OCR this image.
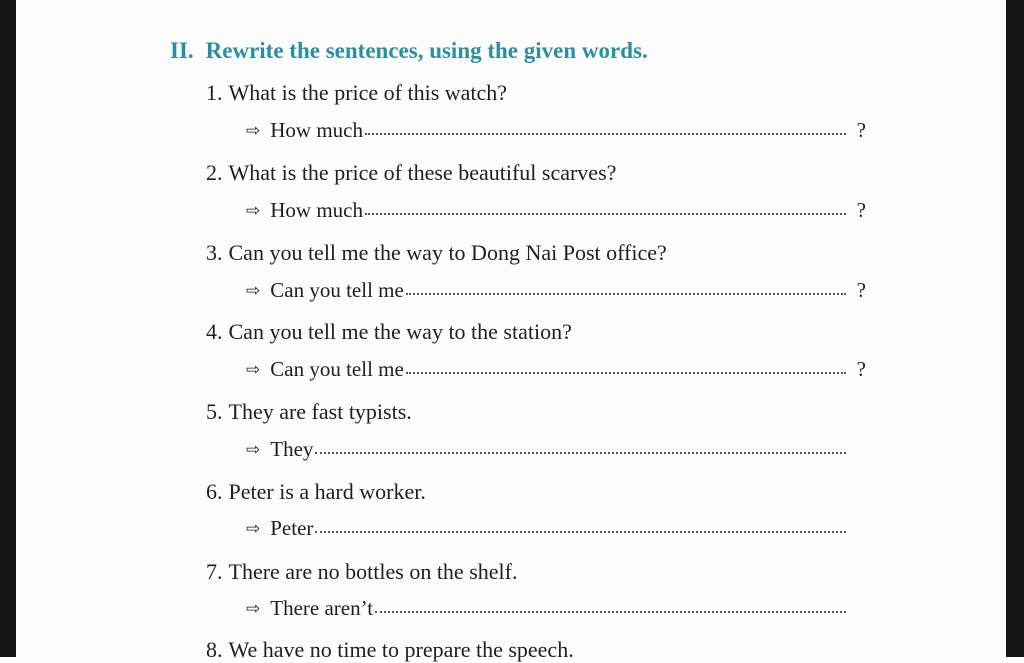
II. Rewrite the sentences, using the given words.
1. What is the price of this watch?
⇨ How much	?
2. What is the price of these beautiful scarves?
⇨ How much	?
3. Can you tell me the way to Dong Nai Post office?
⇨ Can you tell me	?
4. Can you tell me the way to the station?
⇨ Can you tell me	?
5. They are fast typists.
⇨ They
6. Peter is a hard worker.
⇨ Peter
7. There are no bottles on the shelf.
⇨ There aren’t
8. We have no time to prepare the speech.
